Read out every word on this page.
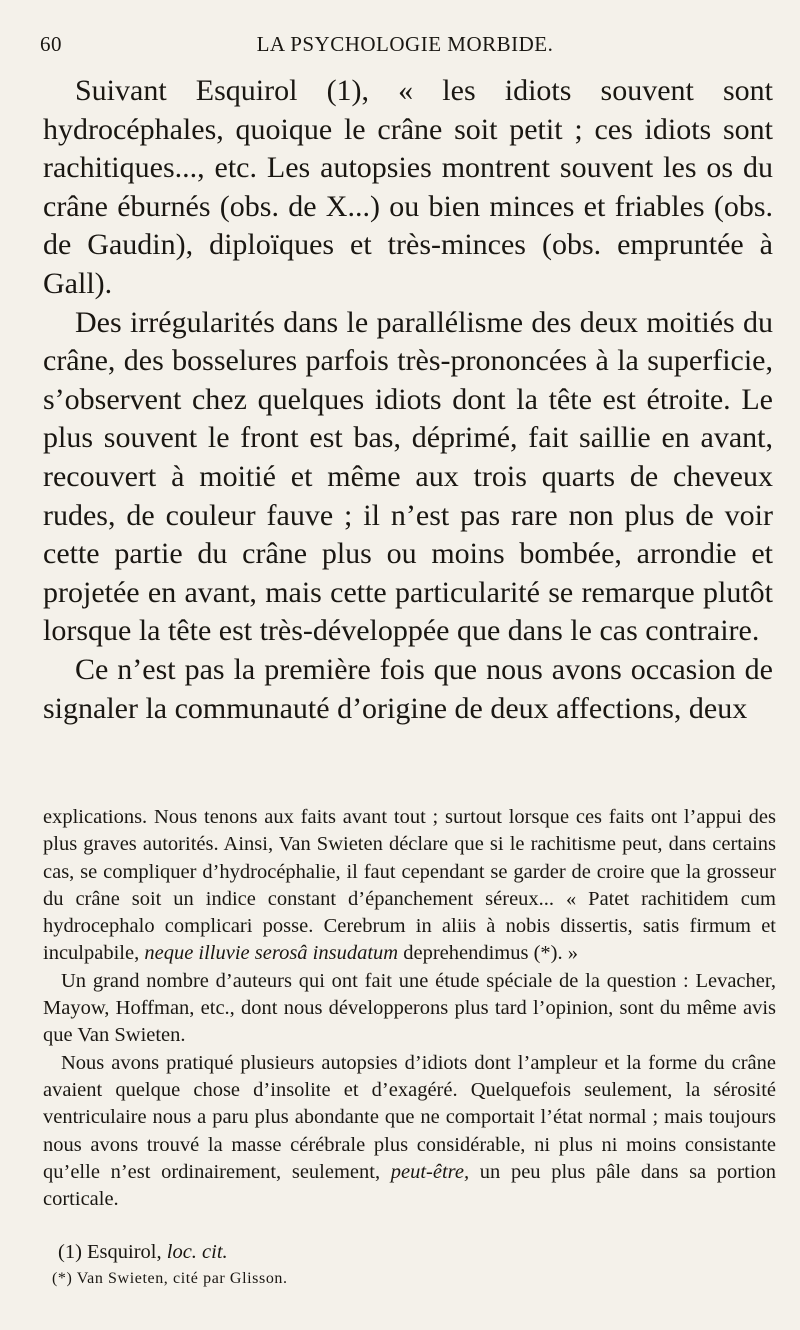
60	LA PSYCHOLOGIE MORBIDE.

Suivant Esquirol (1), « les idiots souvent sont hydrocéphales, quoique le crâne soit petit ; ces idiots sont rachitiques..., etc. Les autopsies montrent souvent les os du crâne éburnés (obs. de X...) ou bien minces et friables (obs. de Gaudin), diploïques et très-minces (obs. empruntée à Gall).

Des irrégularités dans le parallélisme des deux moitiés du crâne, des bosselures parfois très-prononcées à la superficie, s’observent chez quelques idiots dont la tête est étroite. Le plus souvent le front est bas, déprimé, fait saillie en avant, recouvert à moitié et même aux trois quarts de cheveux rudes, de couleur fauve ; il n’est pas rare non plus de voir cette partie du crâne plus ou moins bombée, arrondie et projetée en avant, mais cette particularité se remarque plutôt lorsque la tête est très-développée que dans le cas contraire.

Ce n’est pas la première fois que nous avons occasion de signaler la communauté d’origine de deux affections, deux

explications. Nous tenons aux faits avant tout ; surtout lorsque ces faits ont l’appui des plus graves autorités. Ainsi, Van Swieten déclare que si le rachitisme peut, dans certains cas, se compliquer d’hydrocéphalie, il faut cependant se garder de croire que la grosseur du crâne soit un indice constant d’épanchement séreux... « Patet rachitidem cum hydrocephalo complicari posse. Cerebrum in aliis à nobis dissertis, satis firmum et inculpabile, neque illuvie serosâ insudatum deprehendimus (*). »

Un grand nombre d’auteurs qui ont fait une étude spéciale de la question : Levacher, Mayow, Hoffman, etc., dont nous développerons plus tard l’opinion, sont du même avis que Van Swieten.

Nous avons pratiqué plusieurs autopsies d’idiots dont l’ampleur et la forme du crâne avaient quelque chose d’insolite et d’exagéré. Quelquefois seulement, la sérosité ventriculaire nous a paru plus abondante que ne comportait l’état normal ; mais toujours nous avons trouvé la masse cérébrale plus considérable, ni plus ni moins consistante qu’elle n’est ordinairement, seulement, peut-être, un peu plus pâle dans sa portion corticale.

(1) Esquirol, loc. cit.
(*) Van Swieten, cité par Glisson.
